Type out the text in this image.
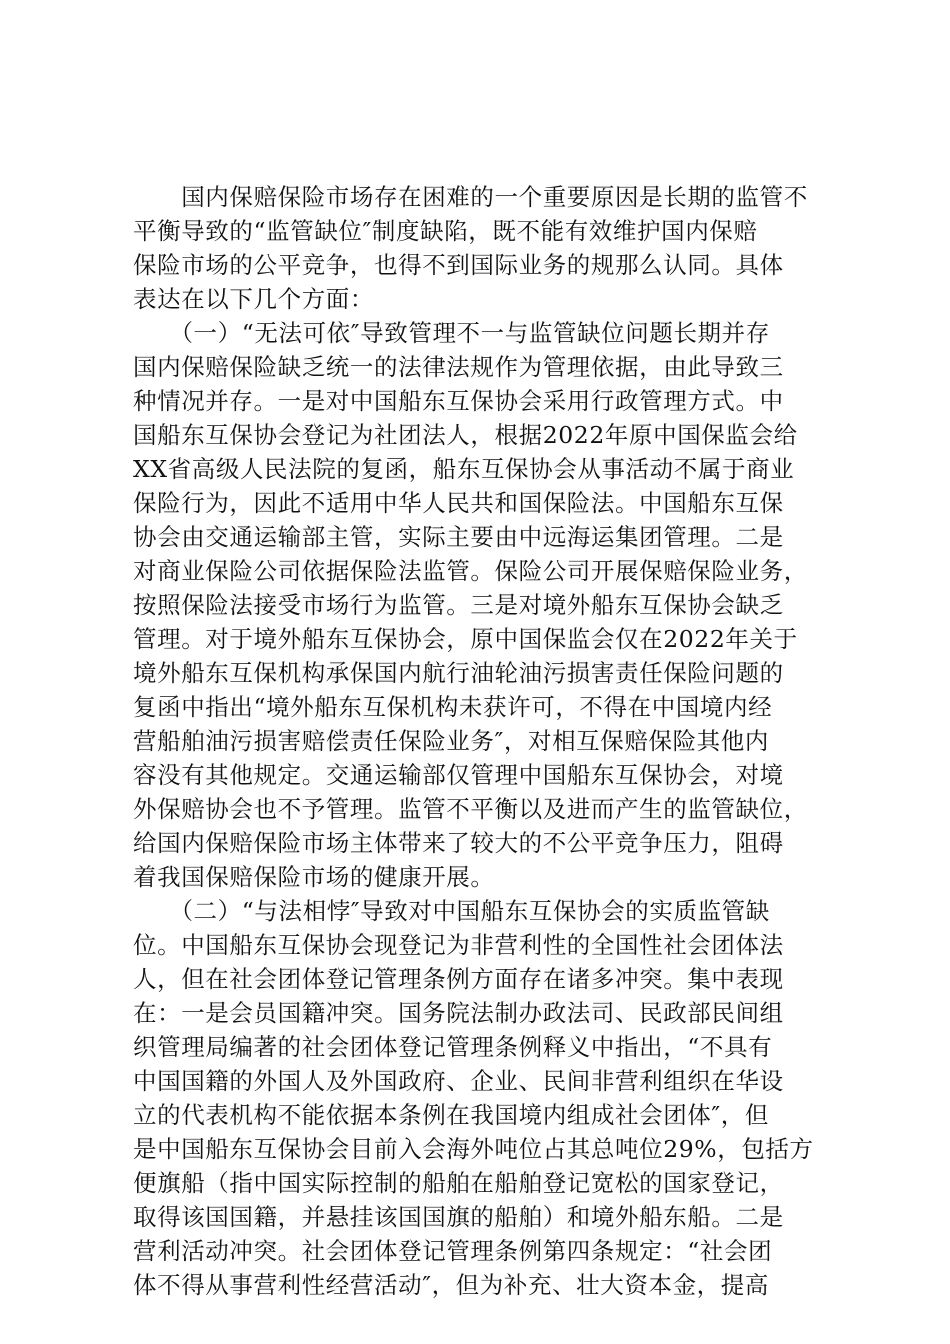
　　国内保赔保险市场存在困难的一个重要原因是长期的监管不
平衡导致的“监管缺位″制度缺陷，既不能有效维护国内保赔
保险市场的公平竞争，也得不到国际业务的规那么认同。具体
表达在以下几个方面：
　　（一）“无法可依″导致管理不一与监管缺位问题长期并存
国内保赔保险缺乏统一的法律法规作为管理依据，由此导致三
种情况并存。一是对中国船东互保协会采用行政管理方式。中
国船东互保协会登记为社团法人，根据2022年原中国保监会给
XX省高级人民法院的复函，船东互保协会从事活动不属于商业
保险行为，因此不适用中华人民共和国保险法。中国船东互保
协会由交通运输部主管，实际主要由中远海运集团管理。二是
对商业保险公司依据保险法监管。保险公司开展保赔保险业务，
按照保险法接受市场行为监管。三是对境外船东互保协会缺乏
管理。对于境外船东互保协会，原中国保监会仅在2022年关于
境外船东互保机构承保国内航行油轮油污损害责任保险问题的
复函中指出“境外船东互保机构未获许可，不得在中国境内经
营船舶油污损害赔偿责任保险业务″，对相互保赔保险其他内
容没有其他规定。交通运输部仅管理中国船东互保协会，对境
外保赔协会也不予管理。监管不平衡以及进而产生的监管缺位，
给国内保赔保险市场主体带来了较大的不公平竞争压力，阻碍
着我国保赔保险市场的健康开展。
　　（二）“与法相悖″导致对中国船东互保协会的实质监管缺
位。中国船东互保协会现登记为非营利性的全国性社会团体法
人，但在社会团体登记管理条例方面存在诸多冲突。集中表现
在：一是会员国籍冲突。国务院法制办政法司、民政部民间组
织管理局编著的社会团体登记管理条例释义中指出，“不具有
中国国籍的外国人及外国政府、企业、民间非营利组织在华设
立的代表机构不能依据本条例在我国境内组成社会团体″，但
是中国船东互保协会目前入会海外吨位占其总吨位29%，包括方
便旗船（指中国实际控制的船舶在船舶登记宽松的国家登记，
取得该国国籍，并悬挂该国国旗的船舶）和境外船东船。二是
营利活动冲突。社会团体登记管理条例第四条规定：“社会团
体不得从事营利性经营活动″，但为补充、壮大资本金，提高
